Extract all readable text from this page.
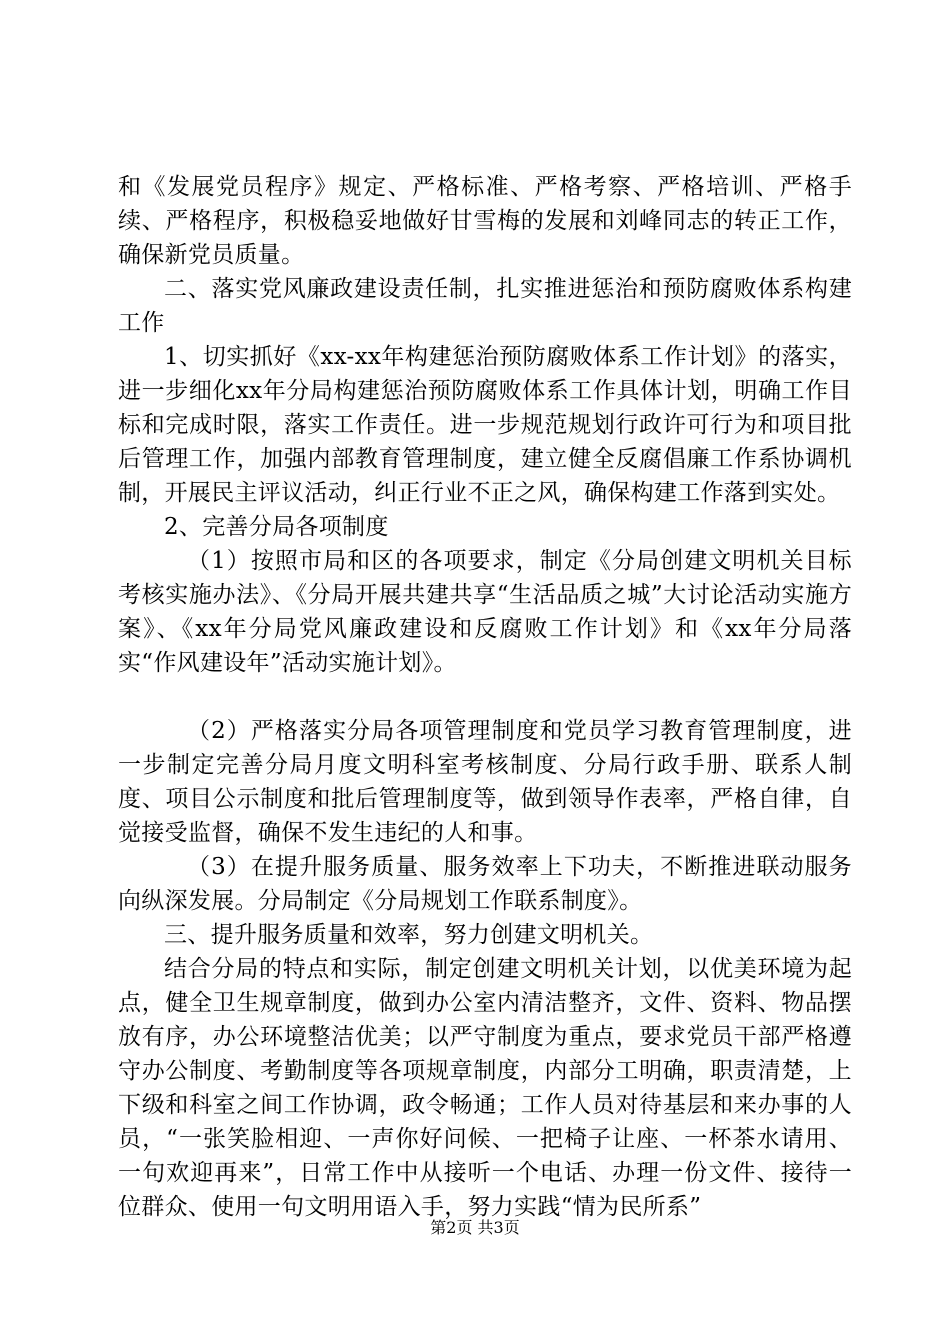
和《发展党员程序》规定、严格标准、严格考察、严格培训、严格手续、严格程序，积极稳妥地做好甘雪梅的发展和刘峰同志的转正工作，确保新党员质量。

二、落实党风廉政建设责任制，扎实推进惩治和预防腐败体系构建工作

1、切实抓好《xx-xx年构建惩治预防腐败体系工作计划》的落实，进一步细化xx年分局构建惩治预防腐败体系工作具体计划，明确工作目标和完成时限，落实工作责任。进一步规范规划行政许可行为和项目批后管理工作，加强内部教育管理制度，建立健全反腐倡廉工作系协调机制，开展民主评议活动，纠正行业不正之风，确保构建工作落到实处。

2、完善分局各项制度

（1）按照市局和区的各项要求，制定《分局创建文明机关目标考核实施办法》、《分局开展共建共享“生活品质之城”大讨论活动实施方案》、《xx年分局党风廉政建设和反腐败工作计划》和《xx年分局落实“作风建设年”活动实施计划》。

（2）严格落实分局各项管理制度和党员学习教育管理制度，进一步制定完善分局月度文明科室考核制度、分局行政手册、联系人制度、项目公示制度和批后管理制度等，做到领导作表率，严格自律，自觉接受监督，确保不发生违纪的人和事。

（3）在提升服务质量、服务效率上下功夫，不断推进联动服务向纵深发展。分局制定《分局规划工作联系制度》。

三、提升服务质量和效率，努力创建文明机关。

结合分局的特点和实际，制定创建文明机关计划，以优美环境为起点，健全卫生规章制度，做到办公室内清洁整齐，文件、资料、物品摆放有序，办公环境整洁优美；以严守制度为重点，要求党员干部严格遵守办公制度、考勤制度等各项规章制度，内部分工明确，职责清楚，上下级和科室之间工作协调，政令畅通；工作人员对待基层和来办事的人员，“一张笑脸相迎、一声你好问候、一把椅子让座、一杯茶水请用、一句欢迎再来”，日常工作中从接听一个电话、办理一份文件、接待一位群众、使用一句文明用语入手，努力实践“情为民所系”

第2页 共3页
